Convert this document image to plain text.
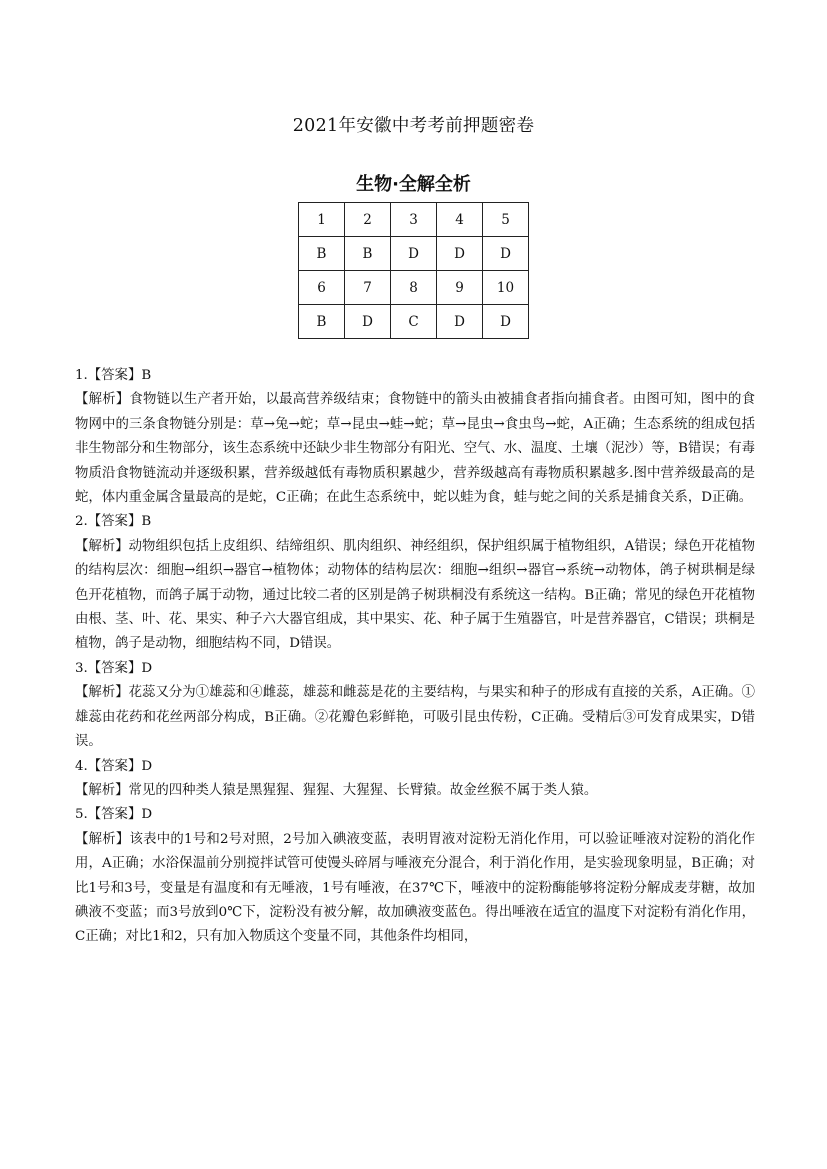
2021年安徽中考考前押题密卷
生物·全解全析
1	2	3	4	5
B	B	D	D	D
6	7	8	9	10
B	D	C	D	D

1.【答案】B

【解析】食物链以生产者开始，以最高营养级结束；食物链中的箭头由被捕食者指向捕食者。由图可知，图中的食物网中的三条食物链分别是：草→兔→蛇；草→昆虫→蛙→蛇；草→昆虫→食虫鸟→蛇，A正确；生态系统的组成包括非生物部分和生物部分，该生态系统中还缺少非生物部分有阳光、空气、水、温度、土壤（泥沙）等，B错误；有毒物质沿食物链流动并逐级积累，营养级越低有毒物质积累越少，营养级越高有毒物质积累越多.图中营养级最高的是蛇，体内重金属含量最高的是蛇，C正确；在此生态系统中，蛇以蛙为食，蛙与蛇之间的关系是捕食关系，D正确。

2.【答案】B

【解析】动物组织包括上皮组织、结缔组织、肌肉组织、神经组织，保护组织属于植物组织，A错误；绿色开花植物的结构层次：细胞→组织→器官→植物体；动物体的结构层次：细胞→组织→器官→系统→动物体，鸽子树珙桐是绿色开花植物，而鸽子属于动物，通过比较二者的区别是鸽子树珙桐没有系统这一结构。B正确；常见的绿色开花植物由根、茎、叶、花、果实、种子六大器官组成，其中果实、花、种子属于生殖器官，叶是营养器官，C错误；珙桐是植物，鸽子是动物，细胞结构不同，D错误。

3.【答案】D

【解析】花蕊又分为①雄蕊和④雌蕊，雄蕊和雌蕊是花的主要结构，与果实和种子的形成有直接的关系，A正确。①雄蕊由花药和花丝两部分构成，B正确。②花瓣色彩鲜艳，可吸引昆虫传粉，C正确。受精后③可发育成果实，D错误。

4.【答案】D

【解析】常见的四种类人猿是黑猩猩、猩猩、大猩猩、长臂猿。故金丝猴不属于类人猿。

5.【答案】D

【解析】该表中的1号和2号对照，2号加入碘液变蓝，表明胃液对淀粉无消化作用，可以验证唾液对淀粉的消化作用，A正确；水浴保温前分别搅拌试管可使馒头碎屑与唾液充分混合，利于消化作用，是实验现象明显，B正确；对比1号和3号，变量是有温度和有无唾液，1号有唾液，在37℃下，唾液中的淀粉酶能够将淀粉分解成麦芽糖，故加碘液不变蓝；而3号放到0℃下，淀粉没有被分解，故加碘液变蓝色。得出唾液在适宜的温度下对淀粉有消化作用，C正确；对比1和2，只有加入物质这个变量不同，其他条件均相同，
